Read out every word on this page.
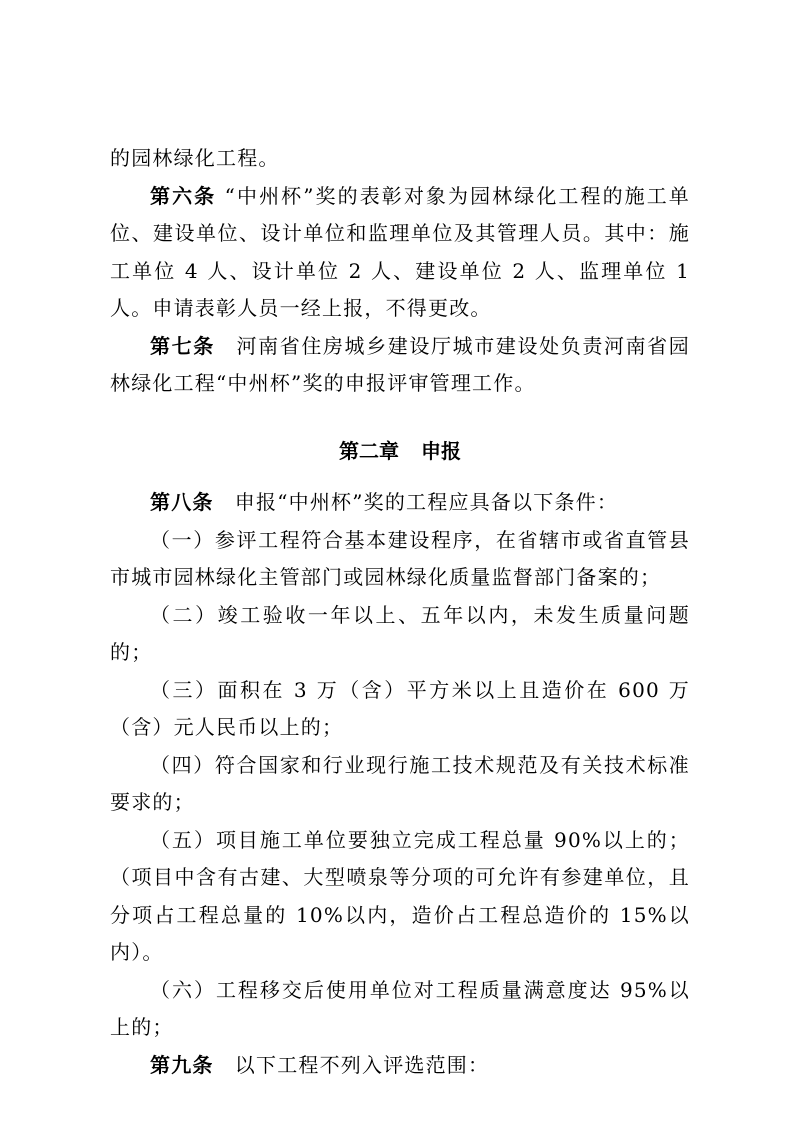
的园林绿化工程。

第六条 “中州杯”奖的表彰对象为园林绿化工程的施工单位、建设单位、设计单位和监理单位及其管理人员。其中：施工单位 4 人、设计单位 2 人、建设单位 2 人、监理单位 1 人。申请表彰人员一经上报，不得更改。

第七条　河南省住房城乡建设厅城市建设处负责河南省园林绿化工程“中州杯”奖的申报评审管理工作。

第二章 申报

第八条　申报“中州杯”奖的工程应具备以下条件：

（一）参评工程符合基本建设程序，在省辖市或省直管县市城市园林绿化主管部门或园林绿化质量监督部门备案的；

（二）竣工验收一年以上、五年以内，未发生质量问题的；

（三）面积在 3 万（含）平方米以上且造价在 600 万（含）元人民币以上的；

（四）符合国家和行业现行施工技术规范及有关技术标准要求的；

（五）项目施工单位要独立完成工程总量 90%以上的；（项目中含有古建、大型喷泉等分项的可允许有参建单位，且分项占工程总量的 10%以内，造价占工程总造价的 15%以内）。

（六）工程移交后使用单位对工程质量满意度达 95%以上的；

第九条　以下工程不列入评选范围：
